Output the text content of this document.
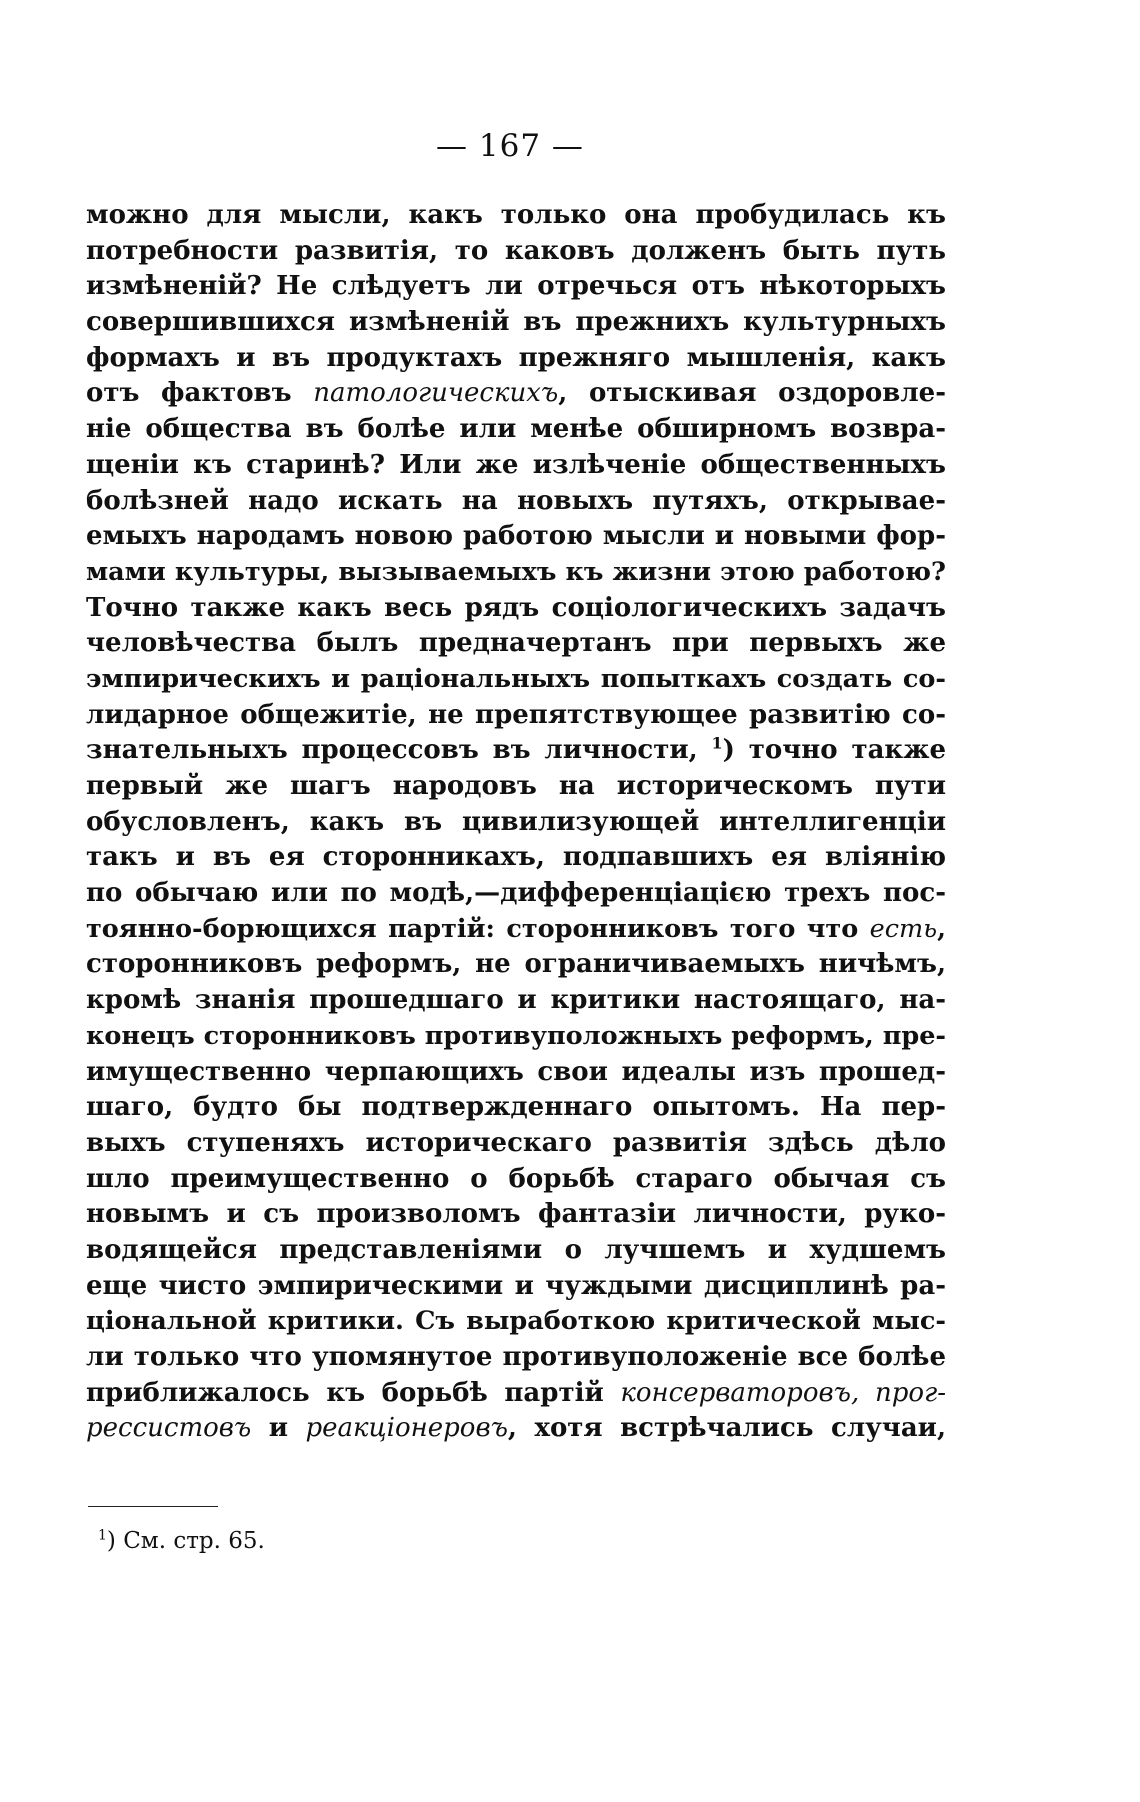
— 167 —
можно для мысли, какъ только она пробудилась къ
потребности развитія, то каковъ долженъ быть путь
измѣненій? Не слѣдуетъ ли отречься отъ нѣкоторыхъ
совершившихся измѣненій въ прежнихъ культурныхъ
формахъ и въ продуктахъ прежняго мышленія, какъ
отъ фактовъ патологическихъ, отыскивая оздоровле-
ніе общества въ болѣе или менѣе обширномъ возвра-
щеніи къ старинѣ? Или же излѣченіе общественныхъ
болѣзней надо искать на новыхъ путяхъ, открывае-
емыхъ народамъ новою работою мысли и новыми фор-
мами культуры, вызываемыхъ къ жизни этою работою?
Точно также какъ весь рядъ соціологическихъ задачъ
человѣчества былъ предначертанъ при первыхъ же
эмпирическихъ и раціональныхъ попыткахъ создать со-
лидарное общежитіе, не препятствующее развитію со-
знательныхъ процессовъ въ личности, $^1$) точно также
первый же шагъ народовъ на историческомъ пути
обусловленъ, какъ въ цивилизующей интеллигенціи
такъ и въ ея сторонникахъ, подпавшихъ ея вліянію
по обычаю или по модѣ,—дифференціацією трехъ пос-
тоянно-борющихся партій: сторонниковъ того что есть,
сторонниковъ реформъ, не ограничиваемыхъ ничѣмъ,
кромѣ знанія прошедшаго и критики настоящаго, на-
конецъ сторонниковъ противуположныхъ реформъ, пре-
имущественно черпающихъ свои идеалы изъ прошед-
шаго, будто бы подтвержденнаго опытомъ. На пер-
выхъ ступеняхъ историческаго развитія здѣсь дѣло
шло преимущественно о борьбѣ стараго обычая съ
новымъ и съ произволомъ фантазіи личности, руко-
водящейся представленіями о лучшемъ и худшемъ
еще чисто эмпирическими и чуждыми дисциплинѣ ра-
ціональной критики. Съ выработкою критической мыс-
ли только что упомянутое противуположеніе все болѣе
приближалось къ борьбѣ партій консерваторовъ, прог-
рессистовъ и реакціонеровъ, хотя встрѣчались случаи,
$^1$) См. стр. 65.
